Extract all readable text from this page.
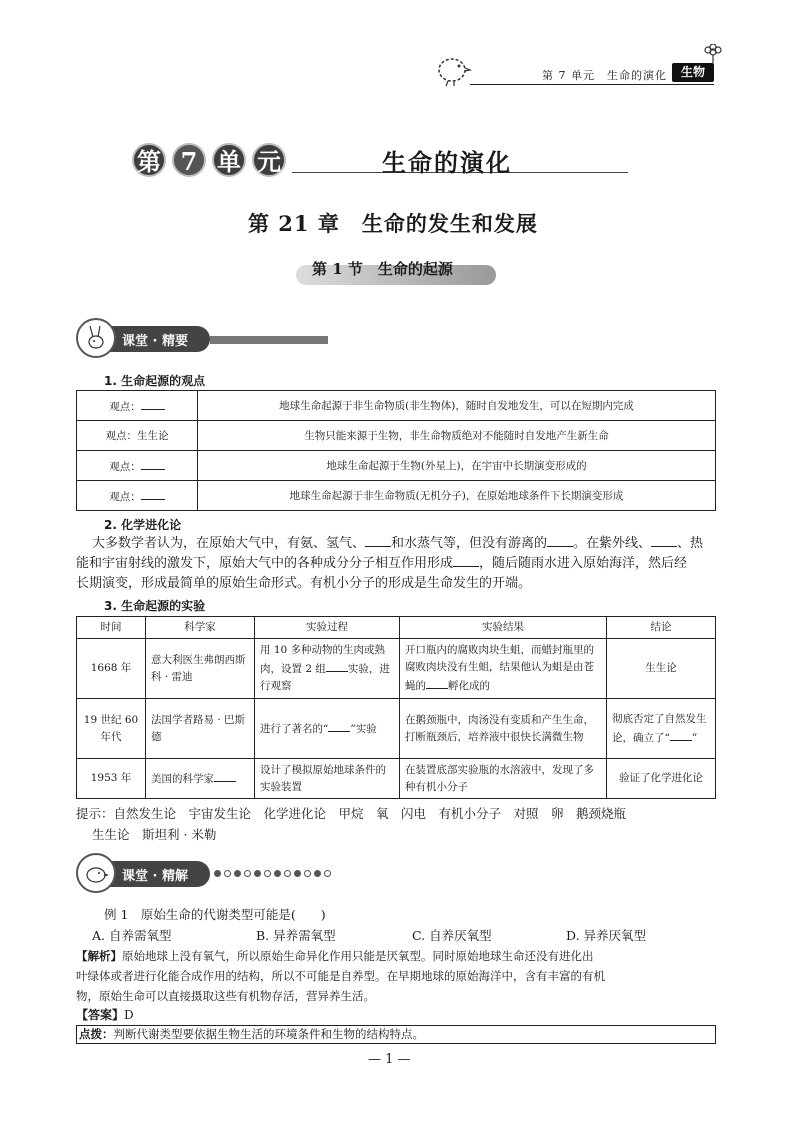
第 7 单元　生命的演化	生物
第 7 单 元	生命的演化
第 21 章　生命的发生和发展
第 1 节　生命的起源
课堂 · 精要
1. 生命起源的观点
观点：	地球生命起源于非生命物质(非生物体)，随时自发地发生，可以在短期内完成
观点：生生论	生物只能来源于生物，非生命物质绝对不能随时自发地产生新生命
观点：	地球生命起源于生物(外星上)，在宇宙中长期演变形成的
观点：	地球生命起源于非生命物质(无机分子)，在原始地球条件下长期演变形成
2. 化学进化论
大多数学者认为，在原始大气中，有氨、氢气、 和水蒸气等，但没有游离的 。在紫外线、 、热
能和宇宙射线的激发下，原始大气中的各种成分分子相互作用形成 ，随后随雨水进入原始海洋，然后经
长期演变，形成最简单的原始生命形式。有机小分子的形成是生命发生的开端。
3. 生命起源的实验
时间	科学家	实验过程	实验结果	结论
1668 年	意大利医生弗朗西斯科 · 雷迪	用 10 多种动物的生肉或熟肉，设置 2 组 实验，进行观察	开口瓶内的腐败肉块生蛆，而蜡封瓶里的腐败肉块没有生蛆，结果他认为蛆是由苍蝇的 孵化成的	生生论
19 世纪 60 年代	法国学者路易 · 巴斯德	进行了著名的“ ”实验	在鹅颈瓶中，肉汤没有变质和产生生命，打断瓶颈后，培养液中很快长满微生物	彻底否定了自然发生论，确立了“ ”
1953 年	美国的科学家	设计了模拟原始地球条件的实验装置	在装置底部实验瓶的水溶液中，发现了多种有机小分子	验证了化学进化论
提示：自然发生论　宇宙发生论　化学进化论　甲烷　氧　闪电　有机小分子　对照　卵　鹅颈烧瓶
生生论　斯坦利 · 米勒
课堂 · 精解
例 1　原始生命的代谢类型可能是(　　)
A. 自养需氧型	B. 异养需氧型	C. 自养厌氧型	D. 异养厌氧型
【解析】原始地球上没有氧气，所以原始生命异化作用只能是厌氧型。同时原始地球生命还没有进化出
叶绿体或者进行化能合成作用的结构，所以不可能是自养型。在早期地球的原始海洋中，含有丰富的有机
物，原始生命可以直接摄取这些有机物存活，营异养生活。
【答案】D
点拨：判断代谢类型要依据生物生活的环境条件和生物的结构特点。
— 1 —
